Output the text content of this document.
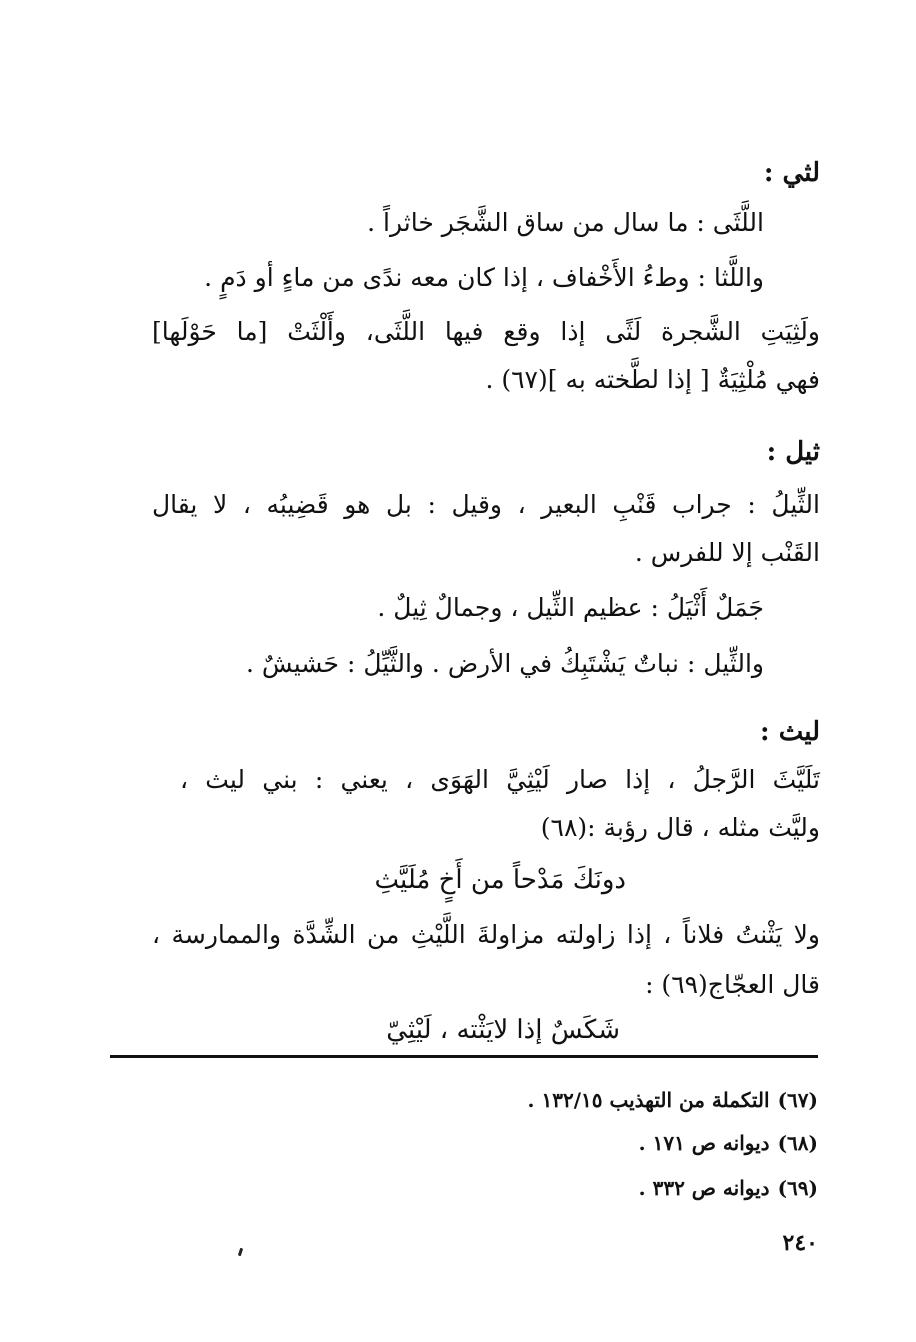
لثي :
اللَّثَى : ما سال من ساق الشَّجَر خاثراً .
واللَّثا : وطءُ الأَخْفاف ، إذا كان معه ندًى من ماءٍ أو دَمٍ .
ولَثِيَتِ الشَّجرة لَثًى إذا وقع فيها اللَّثَى، وأَلْثَتْ [ما حَوْلَها]
فهي مُلْثِيَةٌ [ إذا لطَّخته به ](٦٧) .
ثيل :
الثِّيلُ : جراب قَنْبِ البعير ، وقيل : بل هو قَضِيبُه ، لا يقال
القَنْب إلا للفرس .
جَمَلٌ أَثْيَلُ : عظيم الثِّيل ، وجمالٌ ثِيلٌ .
والثِّيل : نباتٌ يَشْتَبِكُ في الأرض . والثَّيِّلُ : حَشيشٌ .
ليث :
تَلَيَّثَ الرَّجلُ ، إذا صار لَيْثِيَّ الهَوَى ، يعني : بني ليث ،
وليَّث مثله ، قال رؤبة :(٦٨)
دونَكَ مَدْحاً من أَخٍ مُلَيَّثِ
ولا يَثْنتُ فلاناً ، إذا زاولته مزاولةَ اللَّيْثِ من الشِّدَّة والممارسة ،
قال العجّاج(٦٩) :
شَكَسٌ إذا لايَثْته ، لَيْثِيّ
(٦٧)التكملة من التهذيب ١٣٢/١٥ .
(٦٨)ديوانه ص ١٧١ .
(٦٩)ديوانه ص ٣٣٢ .
٢٤٠
